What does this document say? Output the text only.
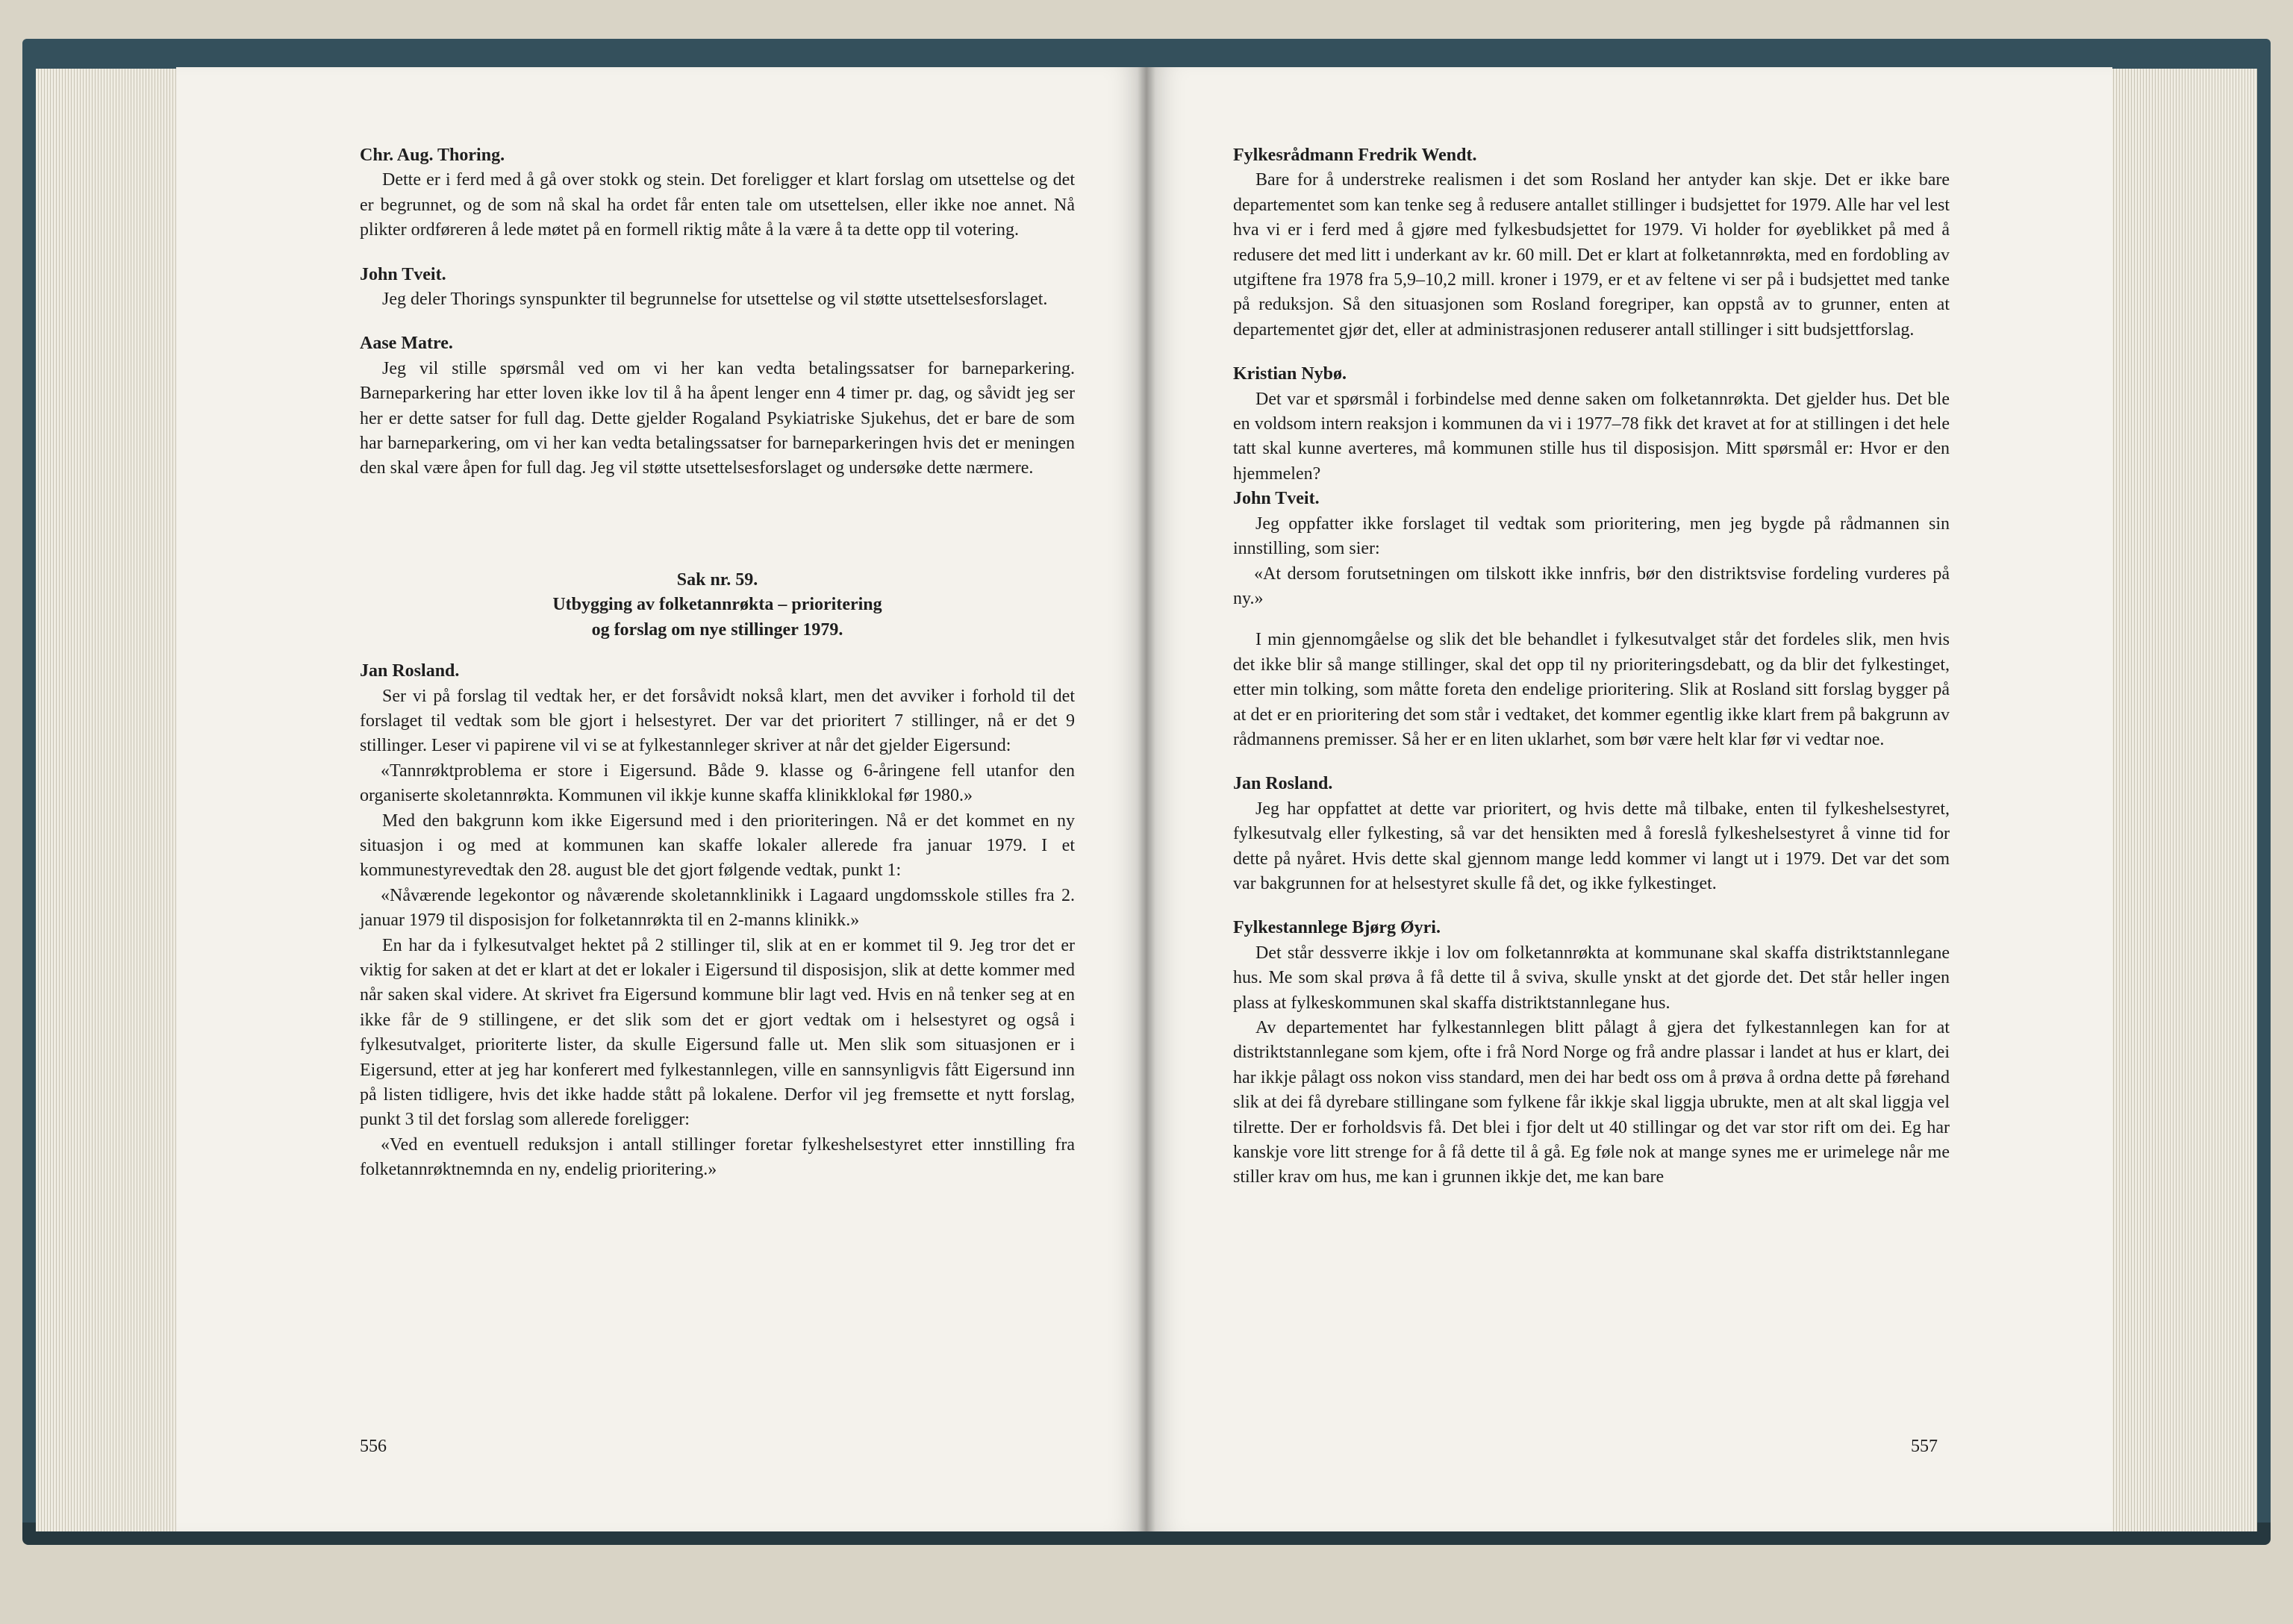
Chr. Aug. Thoring.

Dette er i ferd med å gå over stokk og stein. Det foreligger et klart forslag om utsettelse og det er begrunnet, og de som nå skal ha ordet får enten tale om utsettelsen, eller ikke noe annet. Nå plikter ordføreren å lede møtet på en formell riktig måte å la være å ta dette opp til votering.

John Tveit.

Jeg deler Thorings synspunkter til begrunnelse for utsettelse og vil støtte utsettelsesforslaget.

Aase Matre.

Jeg vil stille spørsmål ved om vi her kan vedta betalingssatser for barneparkering. Barneparkering har etter loven ikke lov til å ha åpent lenger enn 4 timer pr. dag, og såvidt jeg ser her er dette satser for full dag. Dette gjelder Rogaland Psykiatriske Sjukehus, det er bare de som har barneparkering, om vi her kan vedta betalingssatser for barneparkeringen hvis det er meningen den skal være åpen for full dag. Jeg vil støtte utsettelsesforslaget og undersøke dette nærmere.

Sak nr. 59.

Utbygging av folketannrøkta – prioritering

og forslag om nye stillinger 1979.

Jan Rosland.

Ser vi på forslag til vedtak her, er det forsåvidt nokså klart, men det avviker i forhold til det forslaget til vedtak som ble gjort i helsestyret. Der var det prioritert 7 stillinger, nå er det 9 stillinger. Leser vi papirene vil vi se at fylkestannleger skriver at når det gjelder Eigersund:

«Tannrøktproblema er store i Eigersund. Både 9. klasse og 6-åringene fell utanfor den organiserte skoletannrøkta. Kommunen vil ikkje kunne skaffa klinikklokal før 1980.»

Med den bakgrunn kom ikke Eigersund med i den prioriteringen. Nå er det kommet en ny situasjon i og med at kommunen kan skaffe lokaler allerede fra januar 1979. I et kommunestyrevedtak den 28. august ble det gjort følgende vedtak, punkt 1:

«Nåværende legekontor og nåværende skoletannklinikk i Lagaard ungdomsskole stilles fra 2. januar 1979 til disposisjon for folketannrøkta til en 2-manns klinikk.»

En har da i fylkesutvalget hektet på 2 stillinger til, slik at en er kommet til 9. Jeg tror det er viktig for saken at det er klart at det er lokaler i Eigersund til disposisjon, slik at dette kommer med når saken skal videre. At skrivet fra Eigersund kommune blir lagt ved. Hvis en nå tenker seg at en ikke får de 9 stillingene, er det slik som det er gjort vedtak om i helsestyret og også i fylkesutvalget, prioriterte lister, da skulle Eigersund falle ut. Men slik som situasjonen er i Eigersund, etter at jeg har konferert med fylkestannlegen, ville en sannsynligvis fått Eigersund inn på listen tidligere, hvis det ikke hadde stått på lokalene. Derfor vil jeg fremsette et nytt forslag, punkt 3 til det forslag som allerede foreligger:

«Ved en eventuell reduksjon i antall stillinger foretar fylkeshelsestyret etter innstilling fra folketannrøktnemnda en ny, endelig prioritering.»

556

Fylkesrådmann Fredrik Wendt.

Bare for å understreke realismen i det som Rosland her antyder kan skje. Det er ikke bare departementet som kan tenke seg å redusere antallet stillinger i budsjettet for 1979. Alle har vel lest hva vi er i ferd med å gjøre med fylkesbudsjettet for 1979. Vi holder for øyeblikket på med å redusere det med litt i underkant av kr. 60 mill. Det er klart at folketannrøkta, med en fordobling av utgiftene fra 1978 fra 5,9–10,2 mill. kroner i 1979, er et av feltene vi ser på i budsjettet med tanke på reduksjon. Så den situasjonen som Rosland foregriper, kan oppstå av to grunner, enten at departementet gjør det, eller at administrasjonen reduserer antall stillinger i sitt budsjettforslag.

Kristian Nybø.

Det var et spørsmål i forbindelse med denne saken om folketannrøkta. Det gjelder hus. Det ble en voldsom intern reaksjon i kommunen da vi i 1977–78 fikk det kravet at for at stillingen i det hele tatt skal kunne averteres, må kommunen stille hus til disposisjon. Mitt spørsmål er: Hvor er den hjemmelen?

John Tveit.

Jeg oppfatter ikke forslaget til vedtak som prioritering, men jeg bygde på rådmannen sin innstilling, som sier:

«At dersom forutsetningen om tilskott ikke innfris, bør den distriktsvise fordeling vurderes på ny.»

I min gjennomgåelse og slik det ble behandlet i fylkesutvalget står det fordeles slik, men hvis det ikke blir så mange stillinger, skal det opp til ny prioriteringsdebatt, og da blir det fylkestinget, etter min tolking, som måtte foreta den endelige prioritering. Slik at Rosland sitt forslag bygger på at det er en prioritering det som står i vedtaket, det kommer egentlig ikke klart frem på bakgrunn av rådmannens premisser. Så her er en liten uklarhet, som bør være helt klar før vi vedtar noe.

Jan Rosland.

Jeg har oppfattet at dette var prioritert, og hvis dette må tilbake, enten til fylkeshelsestyret, fylkesutvalg eller fylkesting, så var det hensikten med å foreslå fylkeshelsestyret å vinne tid for dette på nyåret. Hvis dette skal gjennom mange ledd kommer vi langt ut i 1979. Det var det som var bakgrunnen for at helsestyret skulle få det, og ikke fylkestinget.

Fylkestannlege Bjørg Øyri.

Det står dessverre ikkje i lov om folketannrøkta at kommunane skal skaffa distriktstannlegane hus. Me som skal prøva å få dette til å sviva, skulle ynskt at det gjorde det. Det står heller ingen plass at fylkeskommunen skal skaffa distriktstannlegane hus.

Av departementet har fylkestannlegen blitt pålagt å gjera det fylkestannlegen kan for at distriktstannlegane som kjem, ofte i frå Nord Norge og frå andre plassar i landet at hus er klart, dei har ikkje pålagt oss nokon viss standard, men dei har bedt oss om å prøva å ordna dette på førehand slik at dei få dyrebare stillingane som fylkene får ikkje skal liggja ubrukte, men at alt skal liggja vel tilrette. Der er forholdsvis få. Det blei i fjor delt ut 40 stillingar og det var stor rift om dei. Eg har kanskje vore litt strenge for å få dette til å gå. Eg føle nok at mange synes me er urimelege når me stiller krav om hus, me kan i grunnen ikkje det, me kan bare

557
